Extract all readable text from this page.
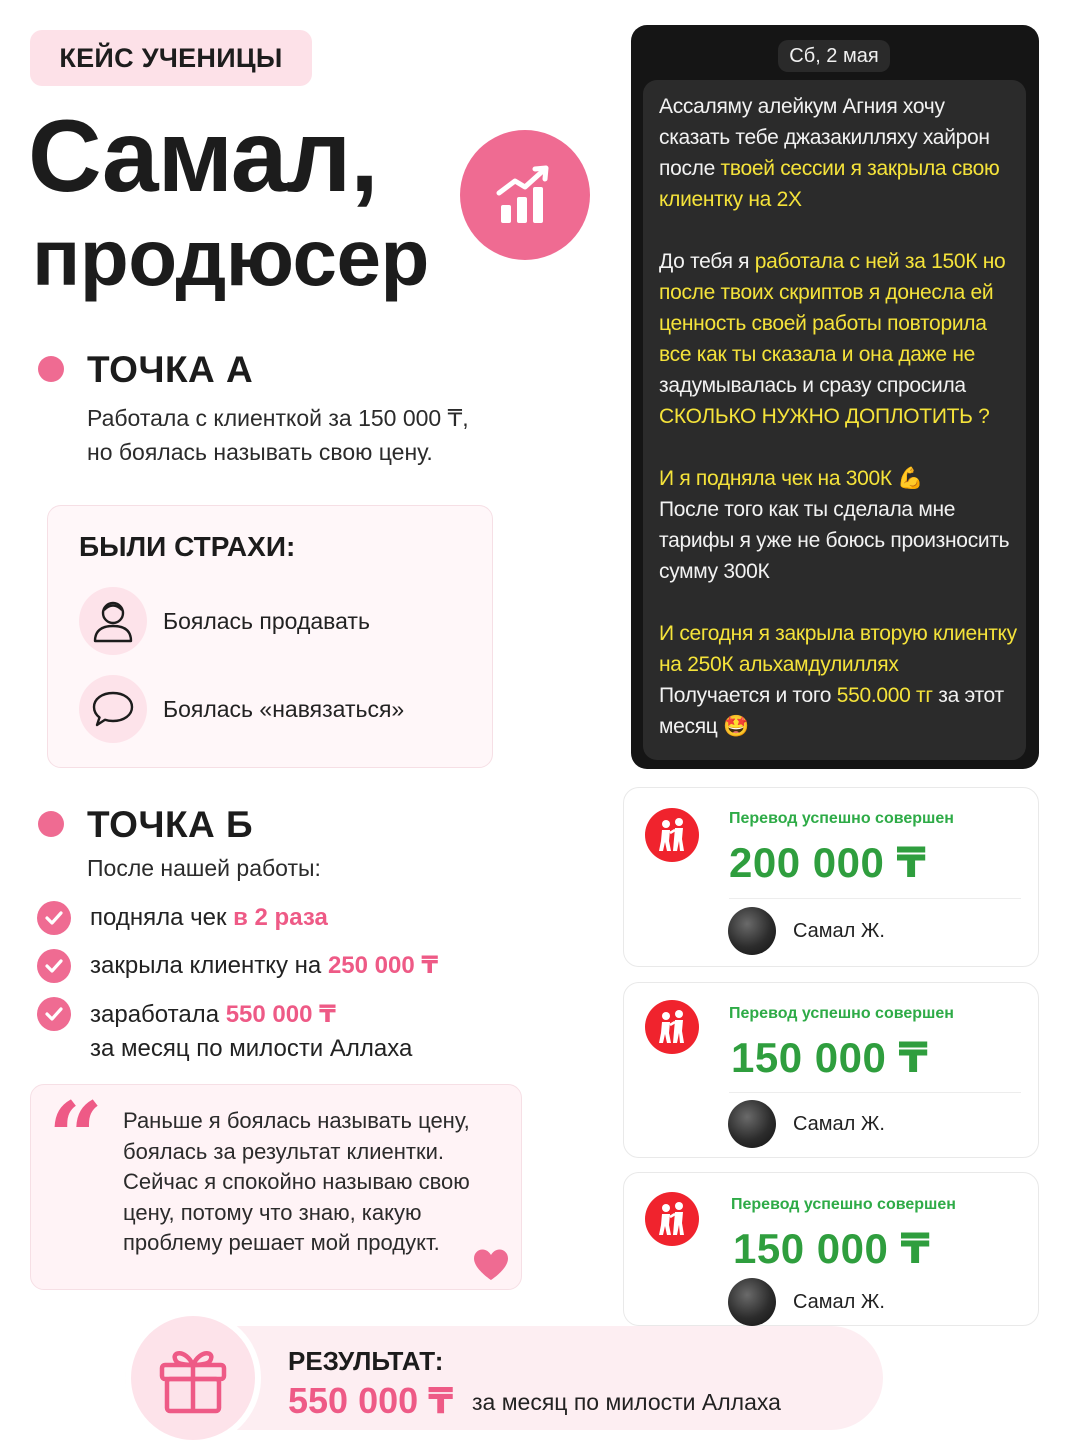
КЕЙС УЧЕНИЦЫ
Самал,
продюсер
ТОЧКА А
Работала с клиенткой за 150 000 ₸,
но боялась называть свою цену.
БЫЛИ СТРАХИ:
Боялась продавать
Боялась «навязаться»
ТОЧКА Б
После нашей работы:
подняла чек в 2 раза
закрыла клиентку на 250 000 ₸
заработала 550 000 ₸
за месяц по милости Аллаха
“ Раньше я боялась называть цену,
боялась за результат клиентки.
Сейчас я спокойно называю свою
цену, потому что знаю, какую
проблему решает мой продукт.
РЕЗУЛЬТАТ:
550 000 ₸ за месяц по милости Аллаха
Сб, 2 мая

Ассаляму алейкум Агния хочу сказать тебе джазакилляху хайрон после твоей сессии я закрыла свою клиентку на 2Х

До тебя я работала с ней за 150К но после твоих скриптов я донесла ей ценность своей работы повторила все как ты сказала и она даже не задумывалась и сразу спросила СКОЛЬКО НУЖНО ДОПЛОТИТЬ ?

И я подняла чек на 300К 💪
После того как ты сделала мне тарифы я уже не боюсь произносить сумму 300К

И сегодня я закрыла вторую клиентку на 250К альхамдулиллях
Получается и того 550.000 тг за этот месяц 🤩

Перевод успешно совершен
200 000 ₸
Самал Ж.
Перевод успешно совершен
150 000 ₸
Самал Ж.
Перевод успешно совершен
150 000 ₸
Самал Ж.
